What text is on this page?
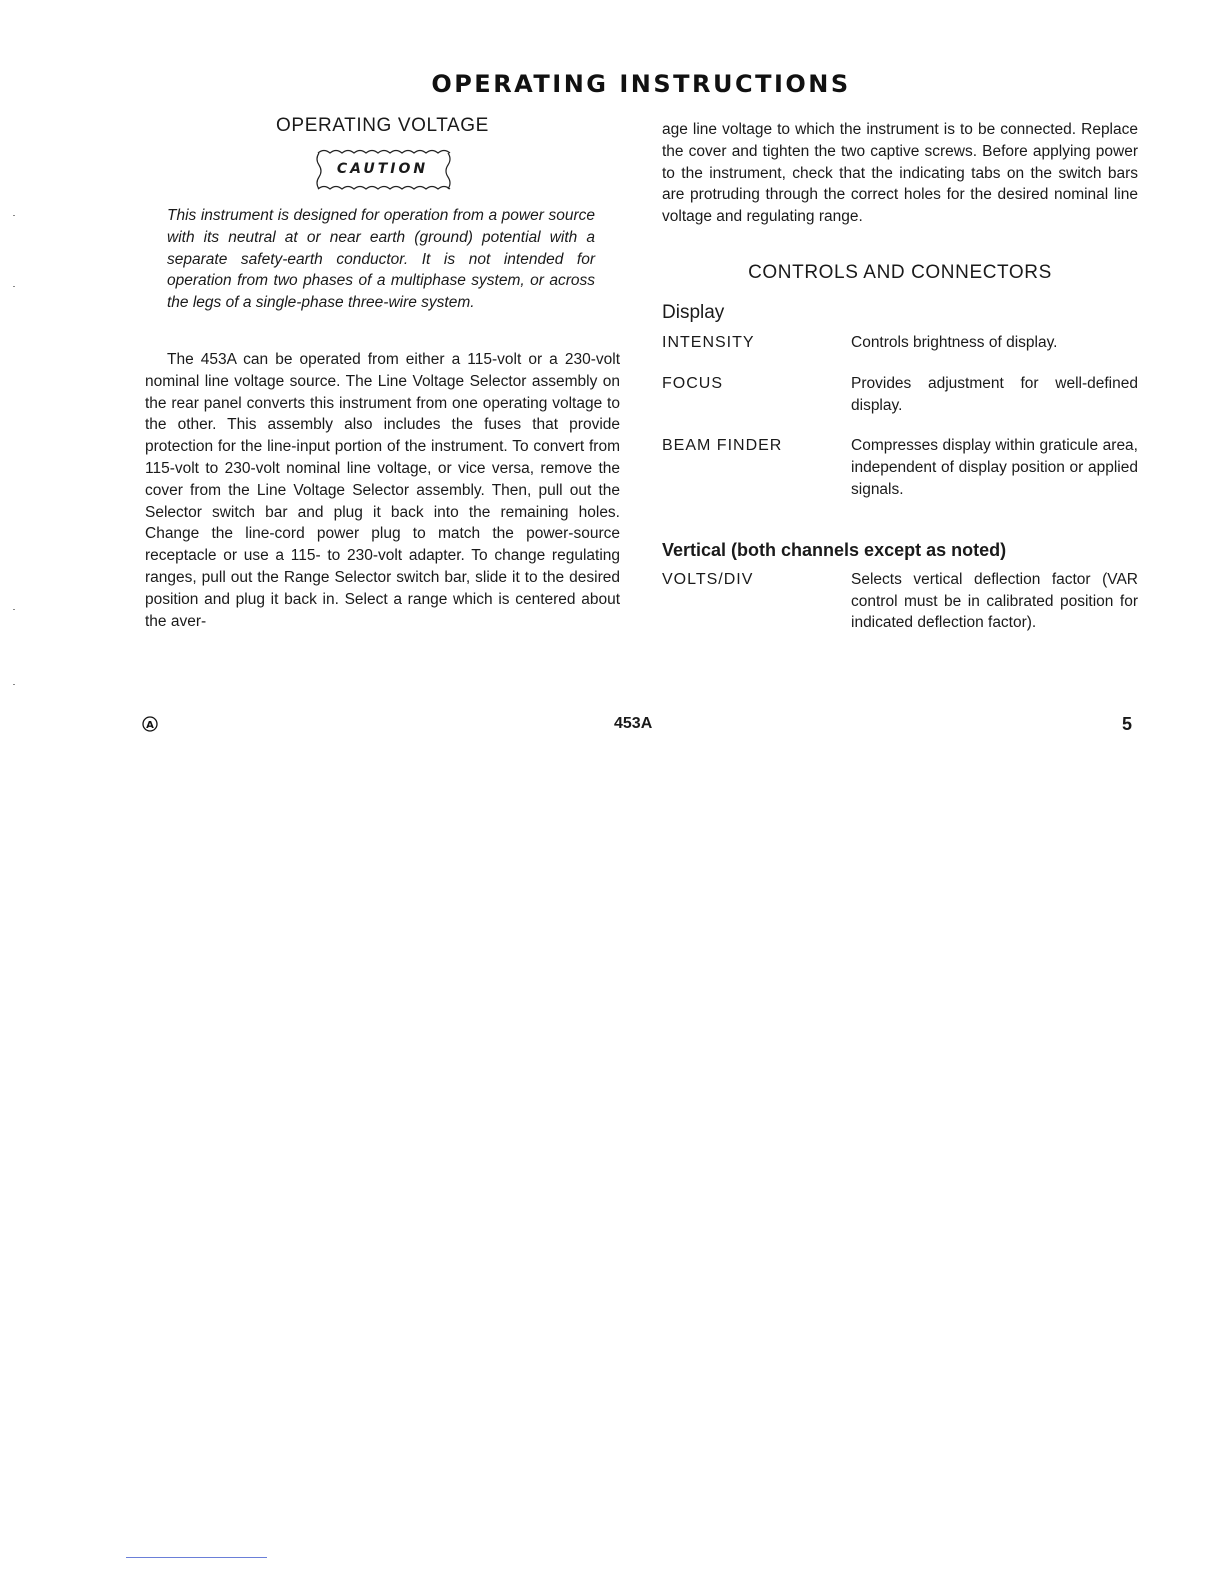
OPERATING INSTRUCTIONS
OPERATING VOLTAGE
CAUTION

This instrument is designed for operation from a power source with its neutral at or near earth (ground) potential with a separate safety-earth conductor. It is not intended for operation from two phases of a multiphase system, or across the legs of a single-phase three-wire system.

The 453A can be operated from either a 115-volt or a 230-volt nominal line voltage source. The Line Voltage Selector assembly on the rear panel converts this instrument from one operating voltage to the other. This assembly also includes the fuses that provide protection for the line-input portion of the instrument. To convert from 115-volt to 230-volt nominal line voltage, or vice versa, remove the cover from the Line Voltage Selector assembly. Then, pull out the Selector switch bar and plug it back into the remaining holes. Change the line-cord power plug to match the power-source receptacle or use a 115- to 230-volt adapter. To change regulating ranges, pull out the Range Selector switch bar, slide it to the desired position and plug it back in. Select a range which is centered about the aver-

age line voltage to which the instrument is to be connected. Replace the cover and tighten the two captive screws. Before applying power to the instrument, check that the indicating tabs on the switch bars are protruding through the correct holes for the desired nominal line voltage and regulating range.

CONTROLS AND CONNECTORS
Display
INTENSITY	Controls brightness of display.
FOCUS	Provides adjustment for well-defined display.
BEAM FINDER	Compresses display within graticule area, independent of display position or applied signals.
Vertical (both channels except as noted)
VOLTS/DIV	Selects vertical deflection factor (VAR control must be in calibrated position for indicated deflection factor).
A	453A	5
